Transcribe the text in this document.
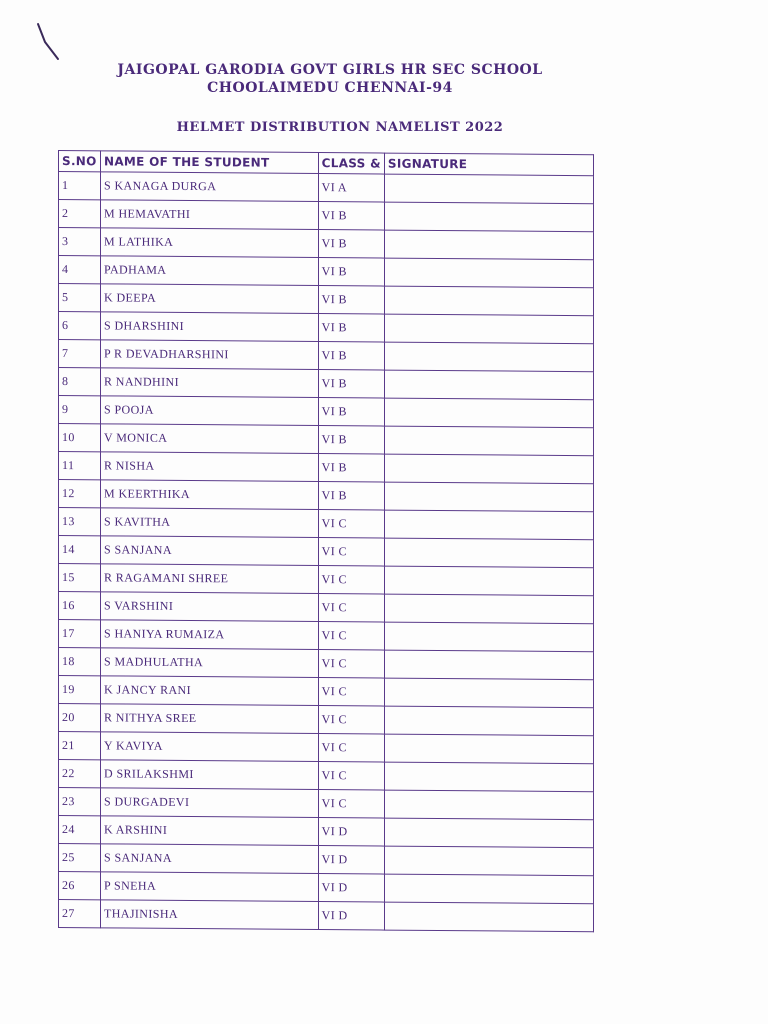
JAIGOPAL GARODIA GOVT GIRLS HR SEC SCHOOL
CHOOLAIMEDU CHENNAI-94
HELMET DISTRIBUTION NAMELIST 2022
S.NO	NAME OF THE STUDENT	CLASS &	SIGNATURE
1	S KANAGA DURGA	VI A	
2	M HEMAVATHI	VI B	
3	M LATHIKA	VI B	
4	PADHAMA	VI B	
5	K DEEPA	VI B	
6	S DHARSHINI	VI B	
7	P R DEVADHARSHINI	VI B	
8	R NANDHINI	VI B	
9	S POOJA	VI B	
10	V MONICA	VI B	
11	R NISHA	VI B	
12	M KEERTHIKA	VI B	
13	S KAVITHA	VI C	
14	S SANJANA	VI C	
15	R RAGAMANI SHREE	VI C	
16	S VARSHINI	VI C	
17	S HANIYA RUMAIZA	VI C	
18	S MADHULATHA	VI C	
19	K JANCY RANI	VI C	
20	R NITHYA SREE	VI C	
21	Y KAVIYA	VI C	
22	D SRILAKSHMI	VI C	
23	S DURGADEVI	VI C	
24	K ARSHINI	VI D	
25	S SANJANA	VI D	
26	P SNEHA	VI D	
27	THAJINISHA	VI D	
